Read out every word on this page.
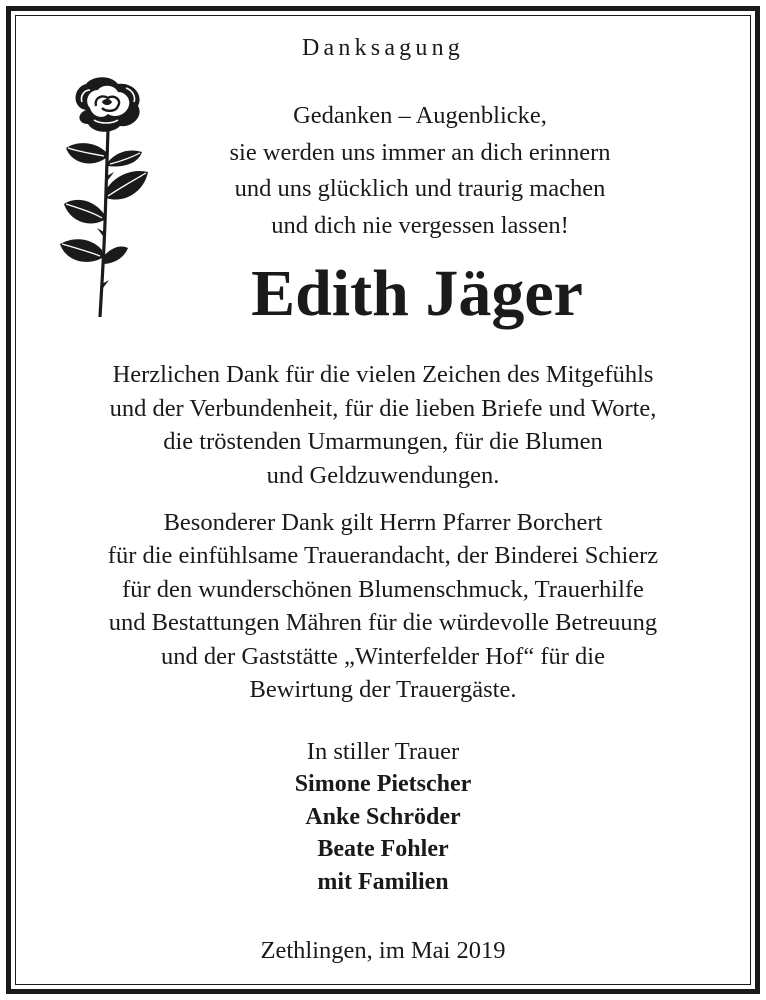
Danksagung
Gedanken – Augenblicke,
sie werden uns immer an dich erinnern
und uns glücklich und traurig machen
und dich nie vergessen lassen!
Edith Jäger
Herzlichen Dank für die vielen Zeichen des Mitgefühls
und der Verbundenheit, für die lieben Briefe und Worte,
die tröstenden Umarmungen, für die Blumen
und Geldzuwendungen.
Besonderer Dank gilt Herrn Pfarrer Borchert
für die einfühlsame Trauerandacht, der Binderei Schierz
für den wunderschönen Blumenschmuck, Trauerhilfe
und Bestattungen Mähren für die würdevolle Betreuung
und der Gaststätte „Winterfelder Hof“ für die
Bewirtung der Trauergäste.
In stiller Trauer
Simone Pietscher
Anke Schröder
Beate Fohler
mit Familien
Zethlingen, im Mai 2019
